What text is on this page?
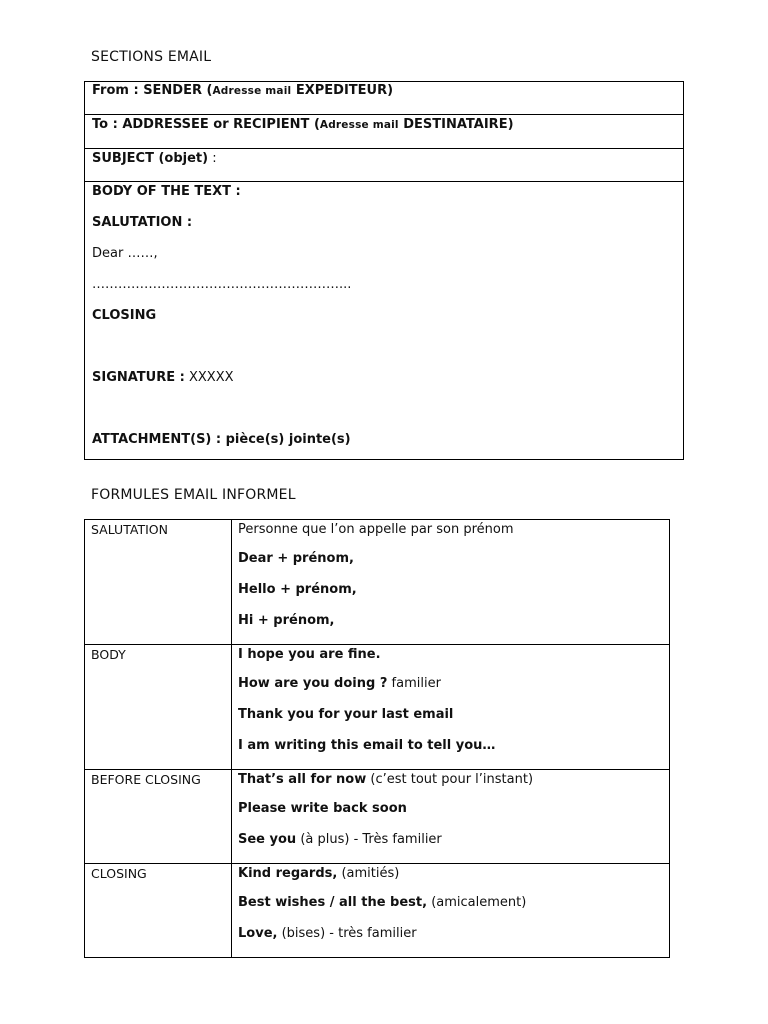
SECTIONS EMAIL
From : SENDER (Adresse mail EXPEDITEUR)
To : ADDRESSEE or RECIPIENT (Adresse mail DESTINATAIRE)
SUBJECT (objet) :

BODY OF THE TEXT :
SALUTATION :
Dear ……,
…………………………………………………...
CLOSING
SIGNATURE : XXXXX
ATTACHMENT(S) : pièce(s) jointe(s)
FORMULES EMAIL INFORMEL
SALUTATION	Personne que l’on appelle par son prénom
Dear + prénom,
Hello + prénom,
Hi + prénom,

BODY	I hope you are fine.
How are you doing ? familier
Thank you for your last email
I am writing this email to tell you…

BEFORE CLOSING	That’s all for now (c’est tout pour l’instant)
Please write back soon
See you (à plus) - Très familier

CLOSING	Kind regards, (amitiés)
Best wishes / all the best, (amicalement)
Love, (bises) - très familier
